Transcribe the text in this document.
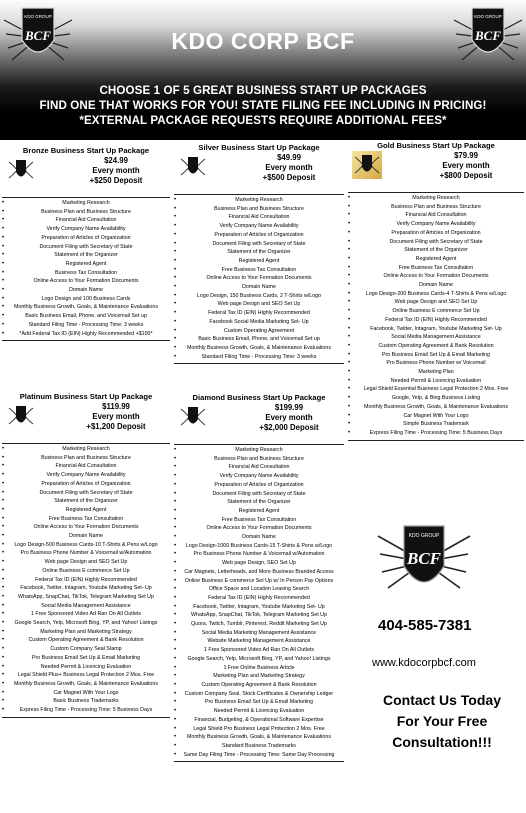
KDO GROUP
BCF
KDO GROUP
BCF
KDO CORP BCF
CHOOSE 1 OF 5 GREAT BUSINESS START UP PACKAGES
FIND ONE THAT WORKS FOR YOU! STATE FILING FEE INCLUDING IN PRICING!
*EXTERNAL PACKAGE REQUESTS REQUIRE ADDITIONAL FEES*
Bronze Business Start Up Package
$24.99
Every month
+$250 Deposit
• Marketing Research
• Business Plan and Business Structure
• Financial Aid Consultation
• Verify Company Name Availability
• Preparation of Articles of Organization
• Document Filing with Secretary of State
• Statement of the Organizer
• Registered Agent
• Business Tax Consultation
• Online Access to Your Formation Documents
• Domain Name
• Logo Design and 100 Business Cards
• Monthly Business Growth, Goals, & Maintenance Evaluations
• Basic Business Email, Phone, and Voicemail Set up
• Standard Filing Time - Processing Time: 3 weeks
• *Add Federal Tax ID (EIN) Highly Recommended +$100*
Silver Business Start Up Package
$49.99
Every month
+$500 Deposit
• Marketing Research
• Business Plan and Business Structure
• Financial Aid Consultation
• Verify Company Name Availability
• Preparation of Articles of Organization
• Document Filing with Secretary of State
• Statement of the Organizer
• Registered Agent
• Free Business Tax Consultation
• Online Access to Your Formation Documents
• Domain Name
• Logo Design, 150 Business Cards, 2 T-Shirts w/Logo
• Web page Design and SEO Set Up
• Federal Tax ID (EIN) Highly Recommended
• Facebook Social Media Marketing Set- Up
• Custom Operating Agreement
• Basic Business Email, Phone, and Voicemail Set up
• Monthly Business Growth, Goals, & Maintenance Evaluations
• Standard Filing Time - Processing Time: 3 weeks
Gold Business Start Up Package
$79.99
Every month
+$800 Deposit
• Marketing Research
• Business Plan and Business Structure
• Financial Aid Consultation
• Verify Company Name Availability
• Preparation of Articles of Organization
• Document Filing with Secretary of State
• Statement of the Organizer
• Registered Agent
• Free Business Tax Consultation
• Online Access to Your Formation Documents
• Domain Name
• Logo Design-200 Business Cards-4 T-Shirts & Pens w/Logo
• Web page Design and SEO Set Up
• Online Business E commerce Set Up
• Federal Tax ID (EIN) Highly Recommended
• Facebook, Twitter, Intagram, Youtube Marketing Set- Up
• Social Media Management Assistance
• Custom Operating Agreement & Bank Resolution
• Pro Business Email Set Up & Email Marketing
• Pro Business Phone Number w/ Voicemail
• Marketing Plan
• Needed Permit & Licencing Evaluation
• Legal Shield Essential Business Legal Protection 2 Mos. Free
• Google, Yelp, & Bing Business Listing
• Monthly Business Growth, Goals, & Maintenance Evaluations
• Car Magnet With Your Logo
• Simple Business Trademark
• Express Filing Time - Processing Time: 5 Business Days
Platinum Business Start Up Package
$119.99
Every month
+$1,200 Deposit
• Marketing Research
• Business Plan and Business Structure
• Financial Aid Consultation
• Verify Company Name Availability
• Preparation of Articles of Organization
• Document Filing with Secretary of State
• Statement of the Organizer
• Registered Agent
• Free Business Tax Consultation
• Online Access to Your Formation Documents
• Domain Name
• Logo Design-500 Business Cards-10 T-Shirts & Pens w/Logo
• Pro Business Phone Number & Voicemail w/Automation
• Web page Design and SEO Set Up
• Online Business E commerce Set Up
• Federal Tax ID (EIN) Highly Recommended
• Facebook, Twitter, Intagram, Youtube Marketing Set- Up
• WhatsApp, SnapChat, TikTok, Telegram Marketing Set Up
• Social Media Management Assistance
• 1 Free Sponsored Video Ad Ran On All Outlets
• Google Search, Yelp, Microsoft Bing, YP, and Yahoo! Listings
• Marketing Plan and Marketing Strategy
• Custom Operating Agreement & Bank Resolution
• Custom Company Seal Stamp
• Pro Business Email Set Up & Email Marketing
• Needed Permit & Licencing Evaluation
• Legal Shield Plus+ Business Legal Protection 2 Mos. Free
• Monthly Business Growth, Goals, & Maintenance Evaluations
• Car Magnet With Your Logo
• Basic Business Trademarks
• Express Filing Time - Processing Time: 5 Business Days
Diamond Business Start Up Package
$199.99
Every month
+$2,000 Deposit
• Marketing Research
• Business Plan and Business Structure
• Financial Aid Consultation
• Verify Company Name Availability
• Preparation of Articles of Organization
• Document Filing with Secretary of State
• Statement of the Organizer
• Registered Agent
• Free Business Tax Consultation
• Online Access to Your Formation Documents
• Domain Name
• Logo Design-1000 Business Cards-15 T-Shirts & Pens w/Logo
• Pro Business Phone Number & Voicemail w/Automation
• Web page Design, SEO Set Up
• Car Magnets, Letterheads, and More Business Branded Access
• Online Business E commerce Set Up w/ In Person Pay Options
• Office Space and Location Leasing Search
• Federal Tax ID (EIN) Highly Recommended
• Facebook, Twitter, Intagram, Youtube Marketing Set- Up
• WhatsApp, SnapChat, TikTok, Telegram Marketing Set Up
• Quora, Twitch, Tumblr, Pinterest, Reddit Marketing Set Up
• Social Media Marketing Management Assistance
• Website Marketing Management Assistance
• 1 Free Sponsored Video Ad Ran On All Outlets
• Google Search, Yelp, Microsoft Bing, YP, and Yahoo! Listings
• 1 Free Online Business Article
• Marketing Plan and Marketing Strategy
• Custom Operating Agreement & Bank Resolution
• Custom Company Seal, Stock Certificates & Ownership Ledger
• Pro Business Email Set Up & Email Marketing
• Needed Permit & Licencing Evaluation
• Financial, Budgeting, & Operational Software Expertise
• Legal Shield Pro Business Legal Protection 2 Mos. Free
• Monthly Business Growth, Goals, & Maintenance Evaluations
• Standard Business Trademarks
• Same Day Filing Time - Processing Time: Same Day Processing
KDO GROUP
BCF
404-585-7381
www.kdocorpbcf.com
Contact Us Today
For Your Free
Consultation!!!
